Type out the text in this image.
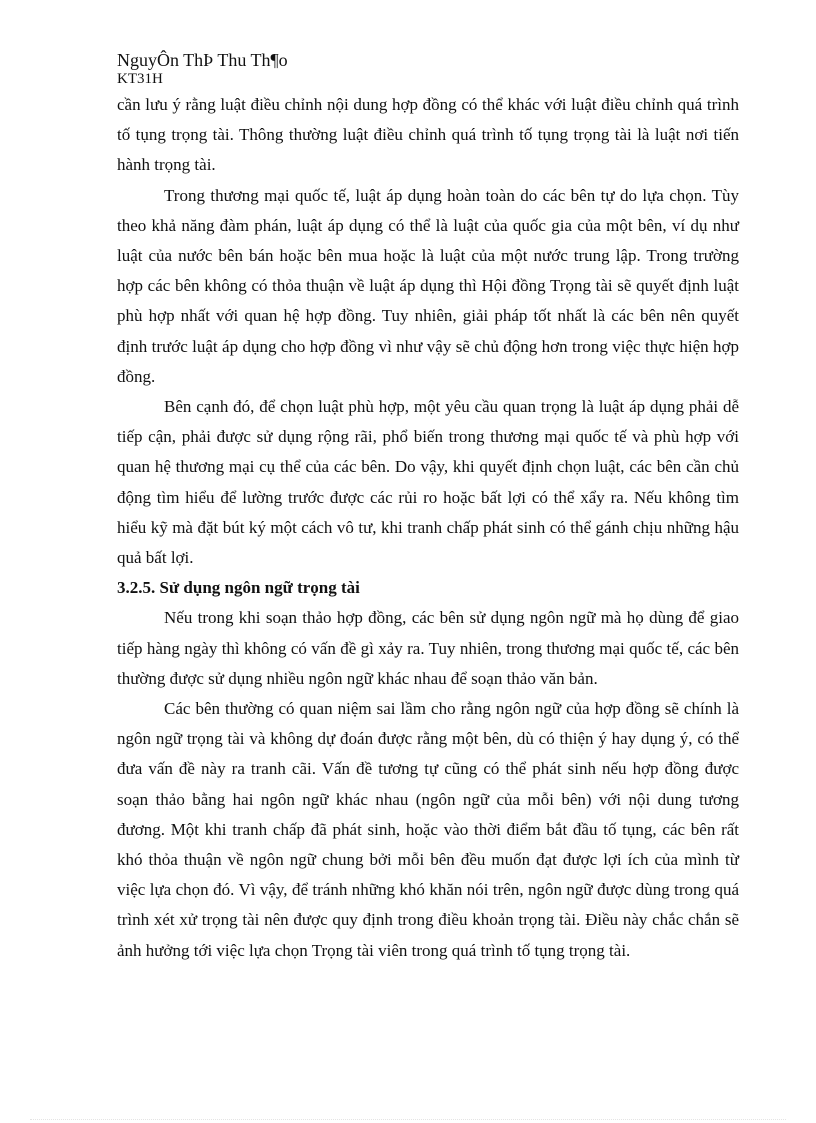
NguyÔn ThÞ Thu Th¶o
KT31H

cần lưu ý rằng luật điều chỉnh nội dung hợp đồng có thể khác với luật điều chỉnh quá trình tố tụng trọng tài. Thông thường luật điều chỉnh quá trình tố tụng trọng tài là luật nơi tiến hành trọng tài.

Trong thương mại quốc tế, luật áp dụng hoàn toàn do các bên tự do lựa chọn. Tùy theo khả năng đàm phán, luật áp dụng có thể là luật của quốc gia của một bên, ví dụ như luật của nước bên bán hoặc bên mua hoặc là luật của một nước trung lập. Trong trường hợp các bên không có thỏa thuận về luật áp dụng thì Hội đồng Trọng tài sẽ quyết định luật phù hợp nhất với quan hệ hợp đồng. Tuy nhiên, giải pháp tốt nhất là các bên nên quyết định trước luật áp dụng cho hợp đồng vì như vậy sẽ chủ động hơn trong việc thực hiện hợp đồng.

Bên cạnh đó, để chọn luật phù hợp, một yêu cầu quan trọng là luật áp dụng phải dễ tiếp cận, phải được sử dụng rộng rãi, phổ biến trong thương mại quốc tế và phù hợp với quan hệ thương mại cụ thể của các bên. Do vậy, khi quyết định chọn luật, các bên cần chủ động tìm hiểu để lường trước được các rủi ro hoặc bất lợi có thể xẩy ra. Nếu không tìm hiểu kỹ mà đặt bút ký một cách vô tư, khi tranh chấp phát sinh có thể gánh chịu những hậu quả bất lợi.

3.2.5. Sử dụng ngôn ngữ trọng tài

Nếu trong khi soạn thảo hợp đồng, các bên sử dụng ngôn ngữ mà họ dùng để giao tiếp hàng ngày thì không có vấn đề gì xảy ra. Tuy nhiên, trong thương mại quốc tế, các bên thường được sử dụng nhiều ngôn ngữ khác nhau để soạn thảo văn bản.

Các bên thường có quan niệm sai lầm cho rằng ngôn ngữ của hợp đồng sẽ chính là ngôn ngữ trọng tài và không dự đoán được rằng một bên, dù có thiện ý hay dụng ý, có thể đưa vấn đề này ra tranh cãi. Vấn đề tương tự cũng có thể phát sinh nếu hợp đồng được soạn thảo bằng hai ngôn ngữ khác nhau (ngôn ngữ của mỗi bên) với nội dung tương đương. Một khi tranh chấp đã phát sinh, hoặc vào thời điểm bắt đầu tố tụng, các bên rất khó thỏa thuận về ngôn ngữ chung bởi mỗi bên đều muốn đạt được lợi ích của mình từ việc lựa chọn đó. Vì vậy, để tránh những khó khăn nói trên, ngôn ngữ được dùng trong quá trình xét xử trọng tài nên được quy định trong điều khoản trọng tài. Điều này chắc chắn sẽ ảnh hưởng tới việc lựa chọn Trọng tài viên trong quá trình tố tụng trọng tài.
